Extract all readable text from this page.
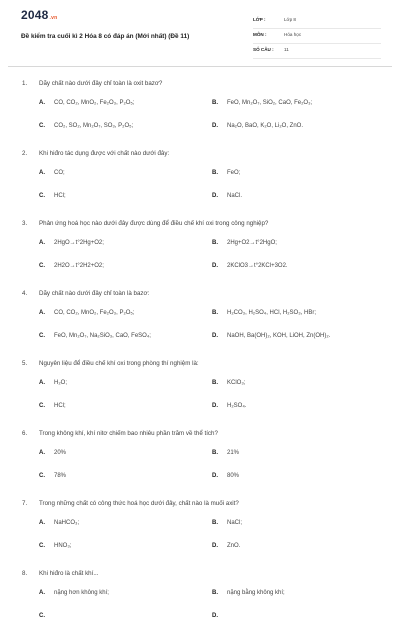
2048.vn
Đề kiểm tra cuối kì 2 Hóa 8 có đáp án (Mới nhất) (Đề 11)
LỚP :	Lớp 8
MÔN :	Hóa học
SỐ CÂU : 11
1. Dãy chất nào dưới đây chỉ toàn là oxit bazơ?
A. CO, CO₂, MnO₂, Fe₂O₃, P₂O₅;	B. FeO, Mn₂O₇, SiO₂, CaO, Fe₂O₃;
C. CO₂, SO₂, Mn₂O₇, SO₃, P₂O₅;	D. Na₂O, BaO, K₂O, Li₂O, ZnO.
2. Khi hiđro tác dụng được với chất nào dưới đây:
A. CO;	B. FeO;
C. HCl;	D. NaCl.
3. Phản ứng hoá học nào dưới đây được dùng để điều chế khí oxi trong công nghiệp?
A. 2HgO→t°2Hg+O2;	B. 2Hg+O2→t°2HgO;
C. 2H2O→t°2H2+O2;	D. 2KClO3→t°2KCl+3O2.
4. Dãy chất nào dưới đây chỉ toàn là bazơ:
A. CO, CO₂, MnO₂, Fe₂O₃, P₂O₅;	B. H₂CO₃, H₂SO₄, HCl, H₂SO₃, HBr;
C. FeO, Mn₂O₇, Na₂SiO₃, CaO, FeSO₄;	D. NaOH, Ba(OH)₂, KOH, LiOH, Zn(OH)₂.
5. Nguyên liệu để điều chế khí oxi trong phòng thí nghiệm là:
A. H₂O;	B. KClO₃;
C. HCl;	D. H₂SO₄.
6. Trong không khí, khí nitơ chiếm bao nhiêu phần trăm về thể tích?
A. 20%	B. 21%
C. 78%	D. 80%
7. Trong những chất có công thức hoá học dưới đây, chất nào là muối axit?
A. NaHCO₃;	B. NaCl;
C. HNO₃;	D. ZnO.
8. Khi hiđro là chất khí...
A. nặng hơn không khí;	B. nặng bằng không khí;
C.	D.
